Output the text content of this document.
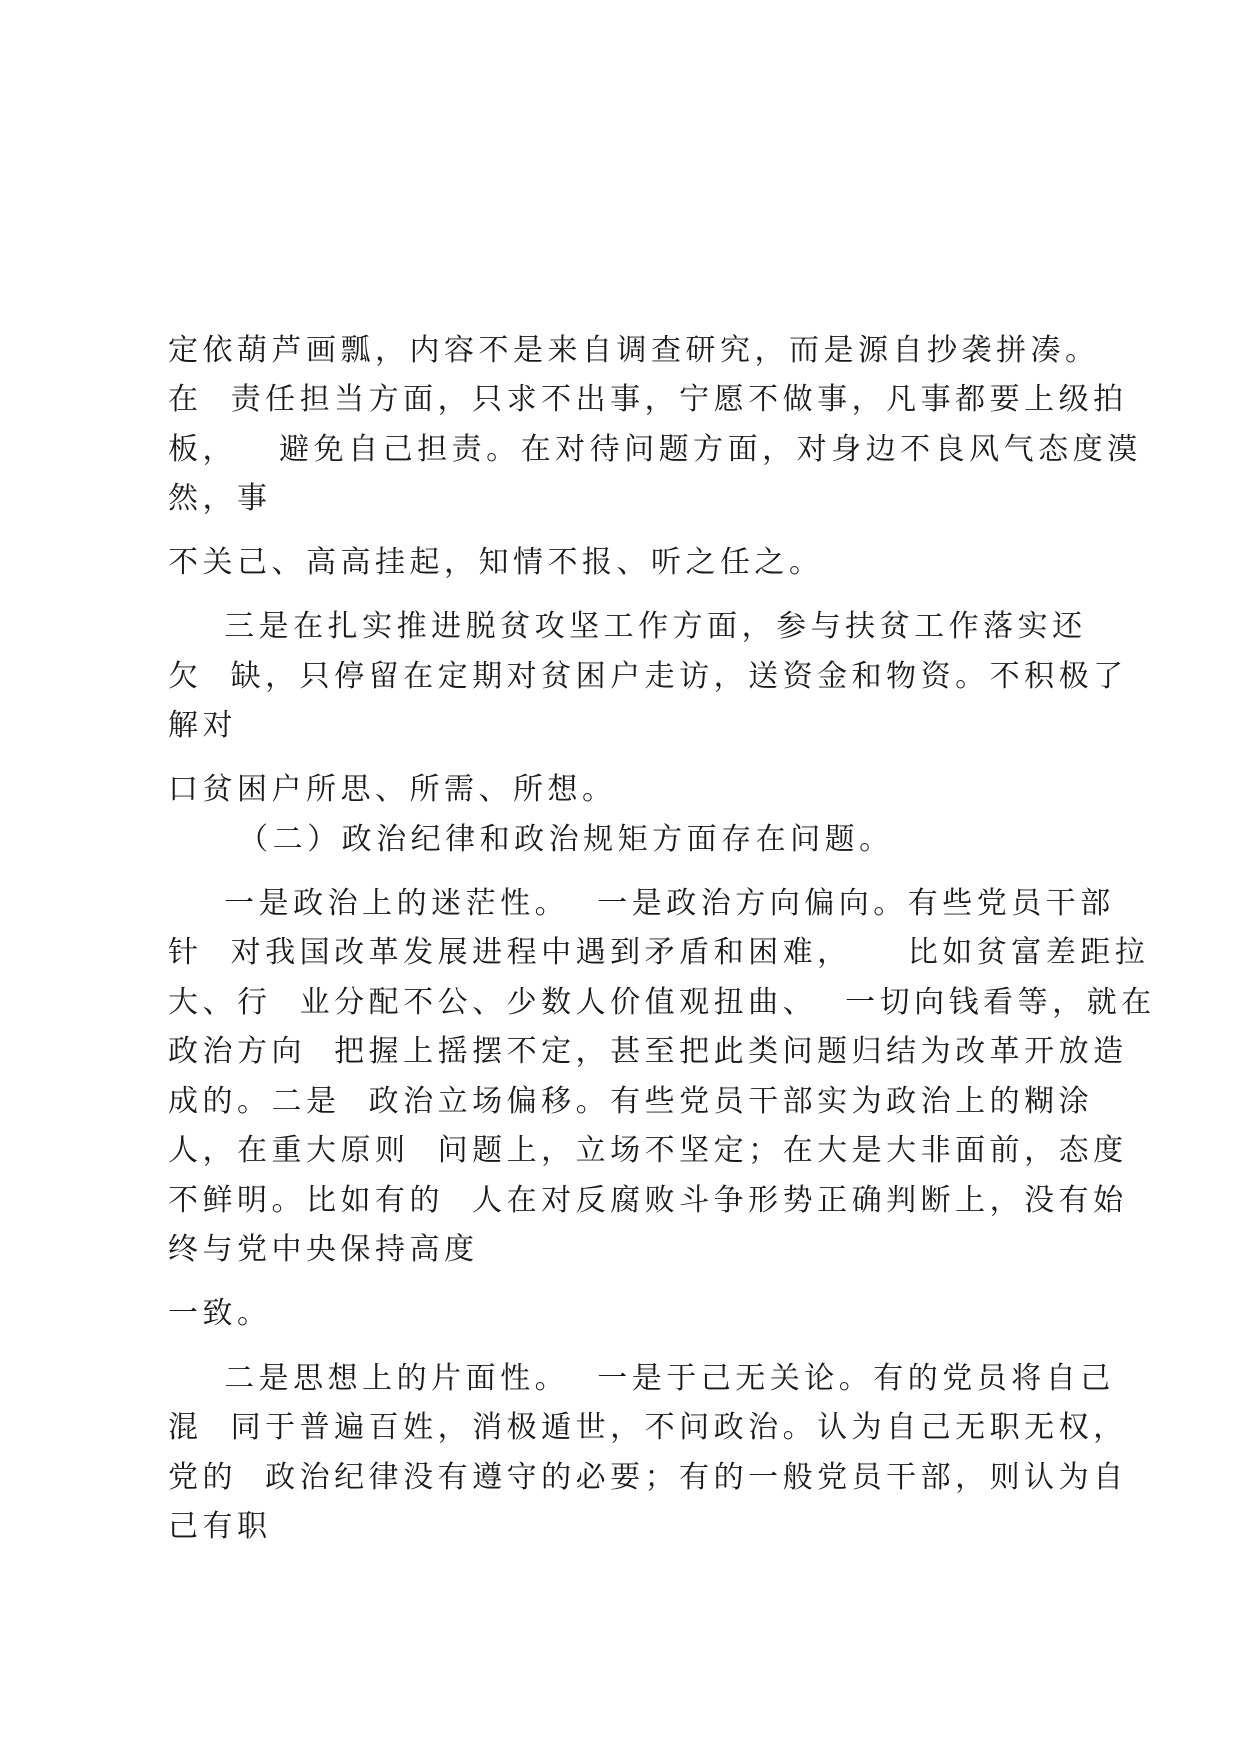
定依葫芦画瓢，内容不是来自调查研究，而是源自抄袭拼凑。
在  责任担当方面，只求不出事，宁愿不做事，凡事都要上级拍
板，   避免自己担责。在对待问题方面，对身边不良风气态度漠
然，事
不关己、高高挂起，知情不报、听之任之。
三是在扎实推进脱贫攻坚工作方面，参与扶贫工作落实还
欠  缺，只停留在定期对贫困户走访，送资金和物资。不积极了
解对
口贫困户所思、所需、所想。
（二）政治纪律和政治规矩方面存在问题。
一是政治上的迷茫性。  一是政治方向偏向。有些党员干部
针  对我国改革发展进程中遇到矛盾和困难，    比如贫富差距拉
大、行  业分配不公、少数人价值观扭曲、  一切向钱看等，就在
政治方向  把握上摇摆不定，甚至把此类问题归结为改革开放造
成的。二是  政治立场偏移。有些党员干部实为政治上的糊涂
人，在重大原则  问题上，立场不坚定；在大是大非面前，态度
不鲜明。比如有的  人在对反腐败斗争形势正确判断上，没有始
终与党中央保持高度
一致。
二是思想上的片面性。  一是于己无关论。有的党员将自己
混  同于普遍百姓，消极遁世，不问政治。认为自己无职无权，
党的  政治纪律没有遵守的必要；有的一般党员干部，则认为自
己有职
